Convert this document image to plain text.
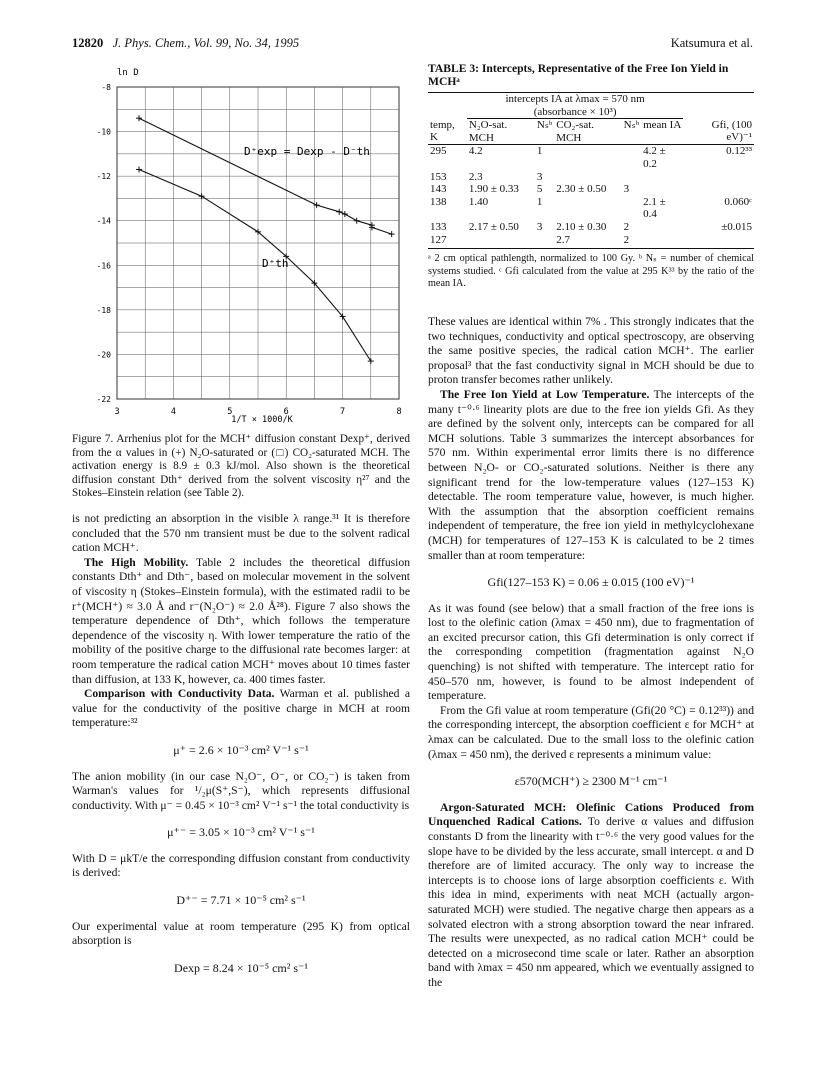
12820 J. Phys. Chem., Vol. 99, No. 34, 1995	Katsumura et al.
ln D
-8
-10
-12
-14
-16
-18
-20
-22
3	4	5	6	7	8
1/T × 1000/K
D⁺exp = Dexp - D⁻th
D⁺th
Figure 7. Arrhenius plot for the MCH⁺ diffusion constant Dexp⁺, derived from the α values in (+) N₂O-saturated or (□) CO₂-saturated MCH. The activation energy is 8.9 ± 0.3 kJ/mol. Also shown is the theoretical diffusion constant Dth⁺ derived from the solvent viscosity η²⁷ and the Stokes–Einstein relation (see Table 2).

is not predicting an absorption in the visible λ range.³¹ It is therefore concluded that the 570 nm transient must be due to the solvent radical cation MCH⁺.

The High Mobility. Table 2 includes the theoretical diffusion constants Dth⁺ and Dth⁻, based on molecular movement in the solvent of viscosity η (Stokes–Einstein formula), with the estimated radii to be r⁺(MCH⁺) ≈ 3.0 Å and r⁻(N₂O⁻) ≈ 2.0 Å²⁸). Figure 7 also shows the temperature dependence of Dth⁺, which follows the temperature dependence of the viscosity η. With lower temperature the ratio of the mobility of the positive charge to the diffusional rate becomes larger: at room temperature the radical cation MCH⁺ moves about 10 times faster than diffusion, at 133 K, however, ca. 400 times faster.

Comparison with Conductivity Data. Warman et al. published a value for the conductivity of the positive charge in MCH at room temperature:³²

μ⁺ = 2.6 × 10⁻³ cm² V⁻¹ s⁻¹

The anion mobility (in our case N₂O⁻, O⁻, or CO₂⁻) is taken from Warman's values for ¹/₂μ(S⁺,S⁻), which represents diffusional conductivity. With μ⁻ = 0.45 × 10⁻³ cm² V⁻¹ s⁻¹ the total conductivity is

μ⁺⁻ = 3.05 × 10⁻³ cm² V⁻¹ s⁻¹

With D = μkT/e the corresponding diffusion constant from conductivity is derived:

D⁺⁻ = 7.71 × 10⁻⁵ cm² s⁻¹

Our experimental value at room temperature (295 K) from optical absorption is

Dexp = 8.24 × 10⁻⁵ cm² s⁻¹
TABLE 3: Intercepts, Representative of the Free Ion Yield in MCHᵃ

	intercepts IA at λmax = 570 nm
(absorbance × 10³)					

temp, K	N₂O-sat. MCH	Nₛᵇ	CO₂-sat. MCH	Nₛᵇ	mean IA	Gfi, (100 eV)⁻¹
295	4.2	1			4.2 ± 0.2	0.12³³
153	2.3	3				
143	1.90 ± 0.33	5	2.30 ± 0.50	3		
138	1.40	1			2.1 ± 0.4	0.060ᶜ
133	2.17 ± 0.50	3	2.10 ± 0.30	2		±0.015
127			2.7	2		
ᵃ 2 cm optical pathlength, normalized to 100 Gy. ᵇ Nₛ = number of chemical systems studied. ᶜ Gfi calculated from the value at 295 K³³ by the ratio of the mean IA.

These values are identical within 7% . This strongly indicates that the two techniques, conductivity and optical spectroscopy, are observing the same positive species, the radical cation MCH⁺. The earlier proposal³ that the fast conductivity signal in MCH should be due to proton transfer becomes rather unlikely.

The Free Ion Yield at Low Temperature. The intercepts of the many t⁻⁰·⁶ linearity plots are due to the free ion yields Gfi. As they are defined by the solvent only, intercepts can be compared for all MCH solutions. Table 3 summarizes the intercept absorbances for 570 nm. Within experimental error limits there is no difference between N₂O- or CO₂-saturated solutions. Neither is there any significant trend for the low-temperature values (127–153 K) detectable. The room temperature value, however, is much higher. With the assumption that the absorption coefficient remains independent of temperature, the free ion yield in methylcyclohexane (MCH) for temperatures of 127–153 K is calculated to be 2 times smaller than at room temperature:

Gfi(127–153 K) = 0.06 ± 0.015 (100 eV)⁻¹

As it was found (see below) that a small fraction of the free ions is lost to the olefinic cation (λmax = 450 nm), due to fragmentation of an excited precursor cation, this Gfi determination is only correct if the corresponding competition (fragmentation against N₂O quenching) is not shifted with temperature. The intercept ratio for 450–570 nm, however, is found to be almost independent of temperature.

From the Gfi value at room temperature (Gfi(20 °C) = 0.12³³)) and the corresponding intercept, the absorption coefficient ε for MCH⁺ at λmax can be calculated. Due to the small loss to the olefinic cation (λmax = 450 nm), the derived ε represents a minimum value:

ε570(MCH⁺) ≥ 2300 M⁻¹ cm⁻¹

Argon-Saturated MCH: Olefinic Cations Produced from Unquenched Radical Cations. To derive α values and diffusion constants D from the linearity with t⁻⁰·⁶ the very good values for the slope have to be divided by the less accurate, small intercept. α and D therefore are of limited accuracy. The only way to increase the intercepts is to choose ions of large absorption coefficients ε. With this idea in mind, experiments with neat MCH (actually argon-saturated MCH) were studied. The negative charge then appears as a solvated electron with a strong absorption toward the near infrared. The results were unexpected, as no radical cation MCH⁺ could be detected on a microsecond time scale or later. Rather an absorption band with λmax = 450 nm appeared, which we eventually assigned to the
